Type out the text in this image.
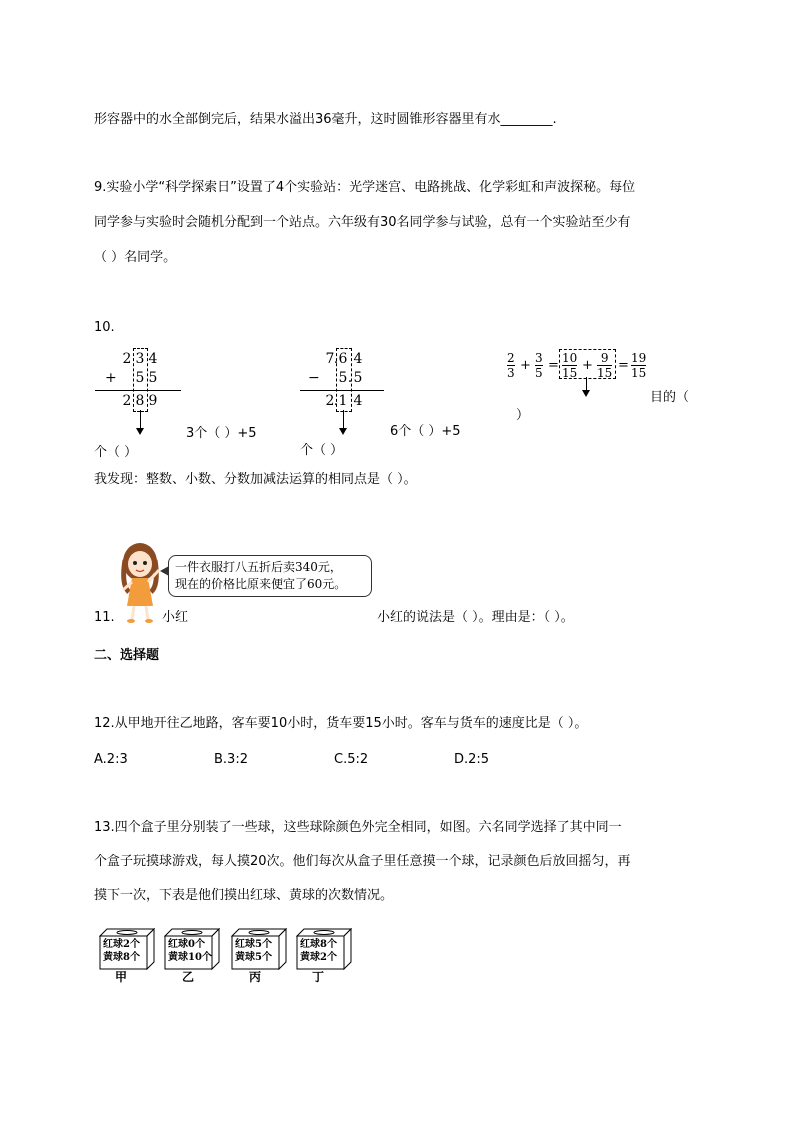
形容器中的水全部倒完后，结果水溢出36毫升，这时圆锥形容器里有水________.
9.实验小学“科学探索日”设置了4个实验站：光学迷宫、电路挑战、化学彩虹和声波探秘。每位
同学参与实验时会随机分配到一个站点。六年级有30名同学参与试验，总有一个实验站至少有
（ ）名同学。
10.
2 3 4
+ 5 5
2 8 9
3个（ ）+5
个（ ）
7 . 6 4
− 5 . 5
2 . 1 4
6个（ ）+5
个（ ）
2
3 + 3
5 = 10
15 + 9
15 = 19
15
目的（
）
我发现：整数、小数、分数加减法运算的相同点是（ ）。
11.
一件衣服打八五折后卖340元，
现在的价格比原来便宜了60元。
小红	小红的说法是（ ）。理由是：（ ）。
二、选择题
12.从甲地开往乙地路，客车要10小时，货车要15小时。客车与货车的速度比是（ ）。
A.2:3	B.3:2	C.5:2	D.2:5
13.四个盒子里分别装了一些球，这些球除颜色外完全相同，如图。六名同学选择了其中同一
个盒子玩摸球游戏，每人摸20次。他们每次从盒子里任意摸一个球，记录颜色后放回摇匀，再
摸下一次，下表是他们摸出红球、黄球的次数情况。
红球2个
黄球8个
甲
红球0个
黄球10个
乙
红球5个
黄球5个
丙
红球8个
黄球2个
丁
